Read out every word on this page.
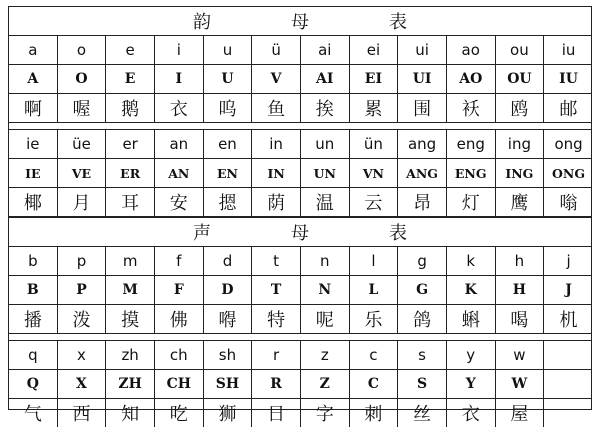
韵	母	表
a	o	e	i	u	ü	ai	ei	ui	ao	ou	iu
A	O	E	I	U	V	AI	EI	UI	AO	OU	IU
啊	喔	鹅	衣	呜	鱼	挨	累	围	袄	鸥	邮
ie	üe	er	an	en	in	un	ün	ang	eng	ing	ong
IE	VE	ER	AN	EN	IN	UN	VN	ANG	ENG	ING	ONG
椰	月	耳	安	摁	荫	温	云	昂	灯	鹰	嗡
声	母	表
b	p	m	f	d	t	n	l	g	k	h	j
B	P	M	F	D	T	N	L	G	K	H	J
播	泼	摸	佛	嘚	特	呢	乐	鸽	蝌	喝	机
q	x	zh	ch	sh	r	z	c	s	y	w
Q	X	ZH	CH	SH	R	Z	C	S	Y	W
气	西	知	吃	狮	日	字	刺	丝	衣	屋
